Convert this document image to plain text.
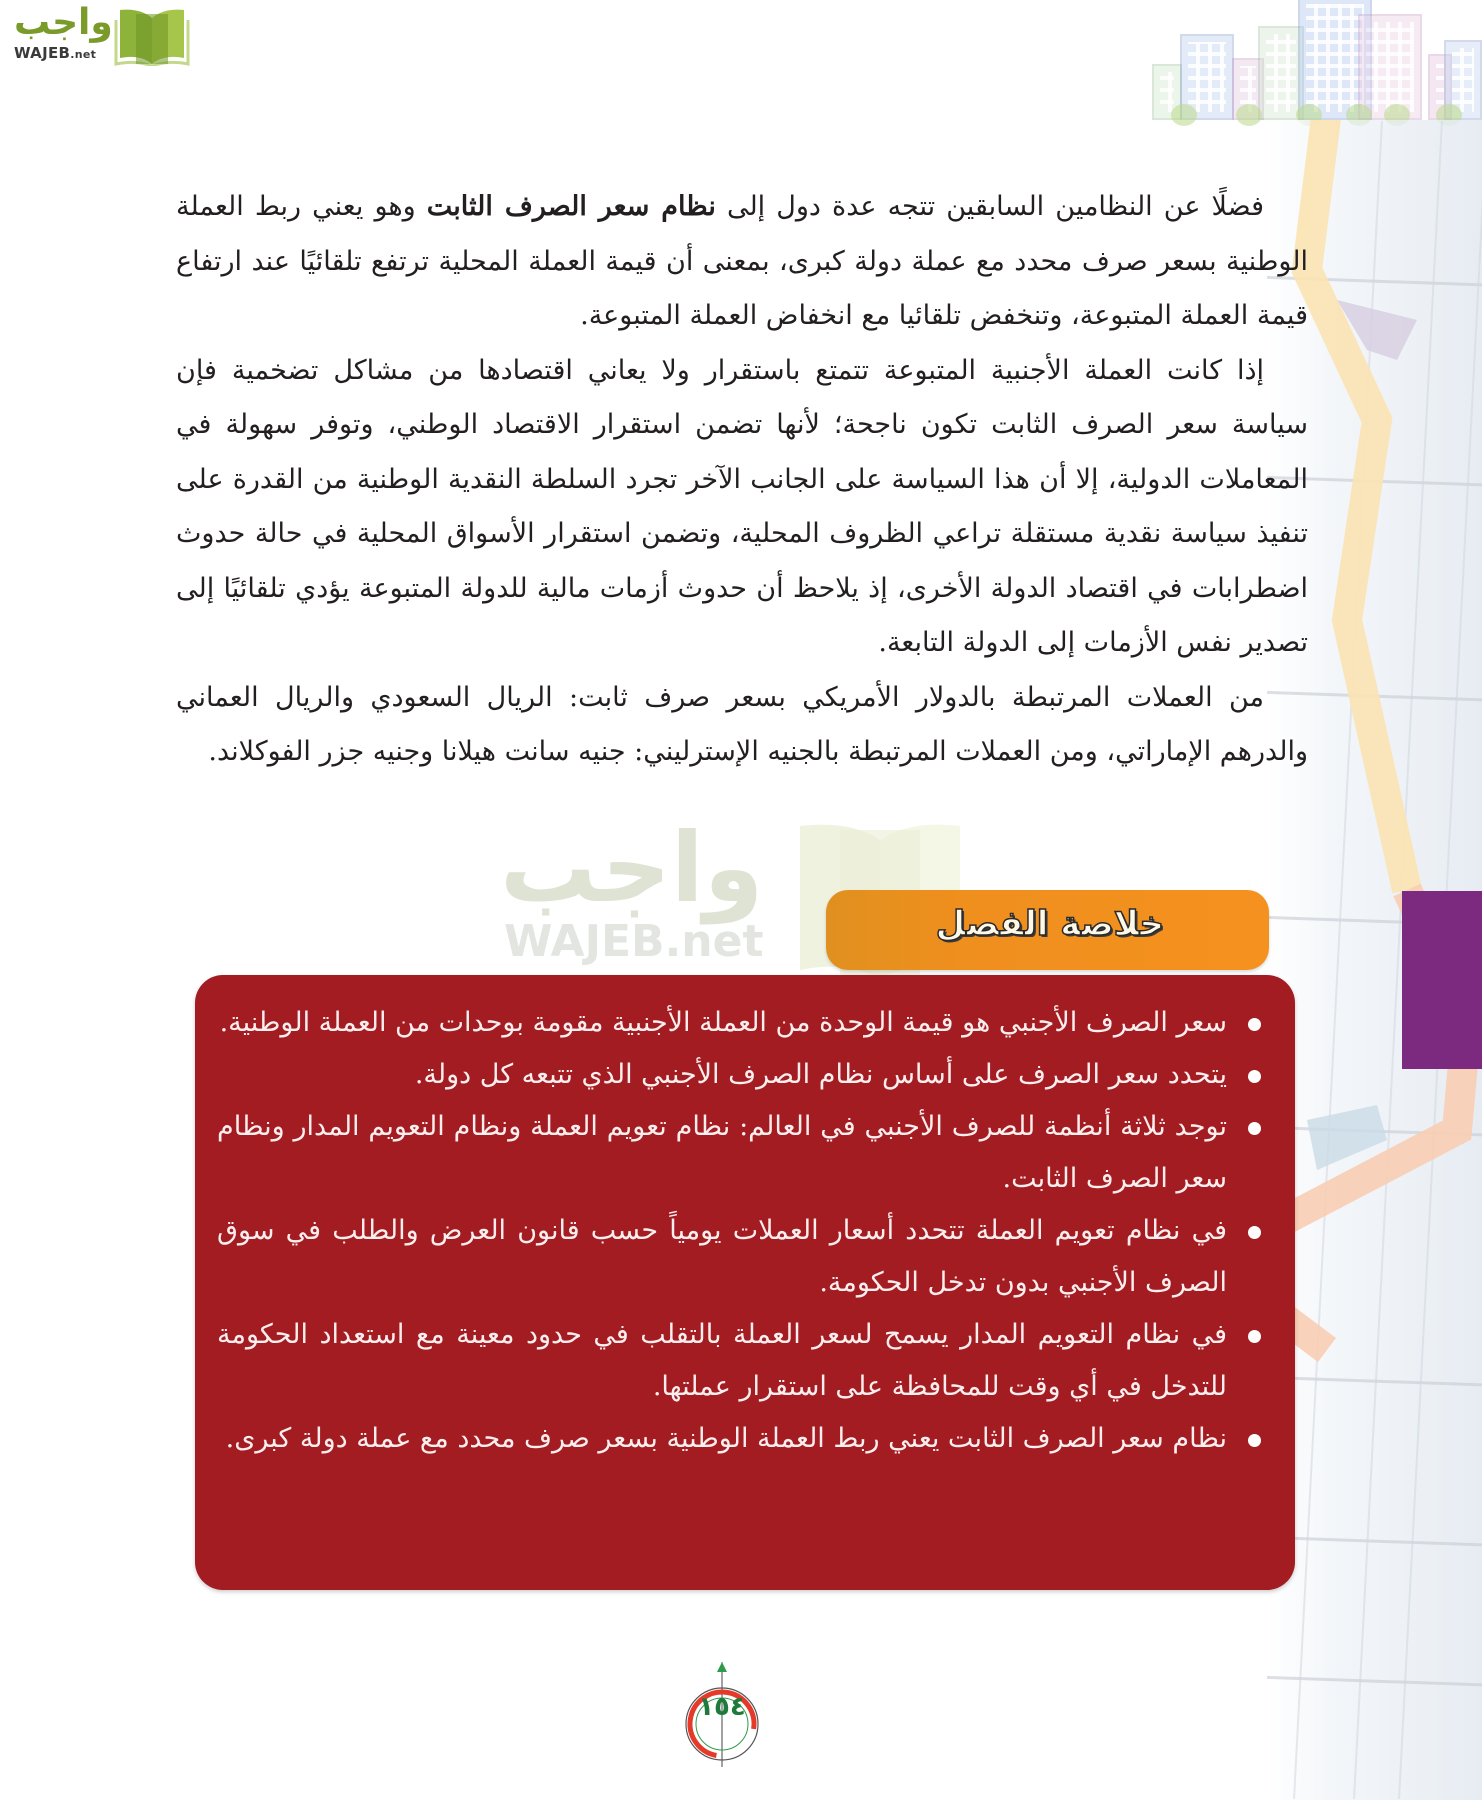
واجب
WAJEB.net

فضلًا عن النظامين السابقين تتجه عدة دول إلى نظام سعر الصرف الثابت وهو يعني ربط العملة الوطنية بسعر صرف محدد مع عملة دولة كبرى، بمعنى أن قيمة العملة المحلية ترتفع تلقائيًا عند ارتفاع قيمة العملة المتبوعة، وتنخفض تلقائيا مع انخفاض العملة المتبوعة.

إذا كانت العملة الأجنبية المتبوعة تتمتع باستقرار ولا يعاني اقتصادها من مشاكل تضخمية فإن سياسة سعر الصرف الثابت تكون ناجحة؛ لأنها تضمن استقرار الاقتصاد الوطني، وتوفر سهولة في المعاملات الدولية، إلا أن هذا السياسة على الجانب الآخر تجرد السلطة النقدية الوطنية من القدرة على تنفيذ سياسة نقدية مستقلة تراعي الظروف المحلية، وتضمن استقرار الأسواق المحلية في حالة حدوث اضطرابات في اقتصاد الدولة الأخرى، إذ يلاحظ أن حدوث أزمات مالية للدولة المتبوعة يؤدي تلقائيًا إلى تصدير نفس الأزمات إلى الدولة التابعة.

من العملات المرتبطة بالدولار الأمريكي بسعر صرف ثابت: الريال السعودي والريال العماني والدرهم الإماراتي، ومن العملات المرتبطة بالجنيه الإسترليني: جنيه سانت هيلانا وجنيه جزر الفوكلاند.

واجب
WAJEB.net	خلاصة الفصل
سعر الصرف الأجنبي هو قيمة الوحدة من العملة الأجنبية مقومة بوحدات من العملة الوطنية.
يتحدد سعر الصرف على أساس نظام الصرف الأجنبي الذي تتبعه كل دولة.
توجد ثلاثة أنظمة للصرف الأجنبي في العالم: نظام تعويم العملة ونظام التعويم المدار ونظام سعر الصرف الثابت.
في نظام تعويم العملة تتحدد أسعار العملات يومياً حسب قانون العرض والطلب في سوق الصرف الأجنبي بدون تدخل الحكومة.
في نظام التعويم المدار يسمح لسعر العملة بالتقلب في حدود معينة مع استعداد الحكومة للتدخل في أي وقت للمحافظة على استقرار عملتها.
نظام سعر الصرف الثابت يعني ربط العملة الوطنية بسعر صرف محدد مع عملة دولة كبرى.
١٥٤
